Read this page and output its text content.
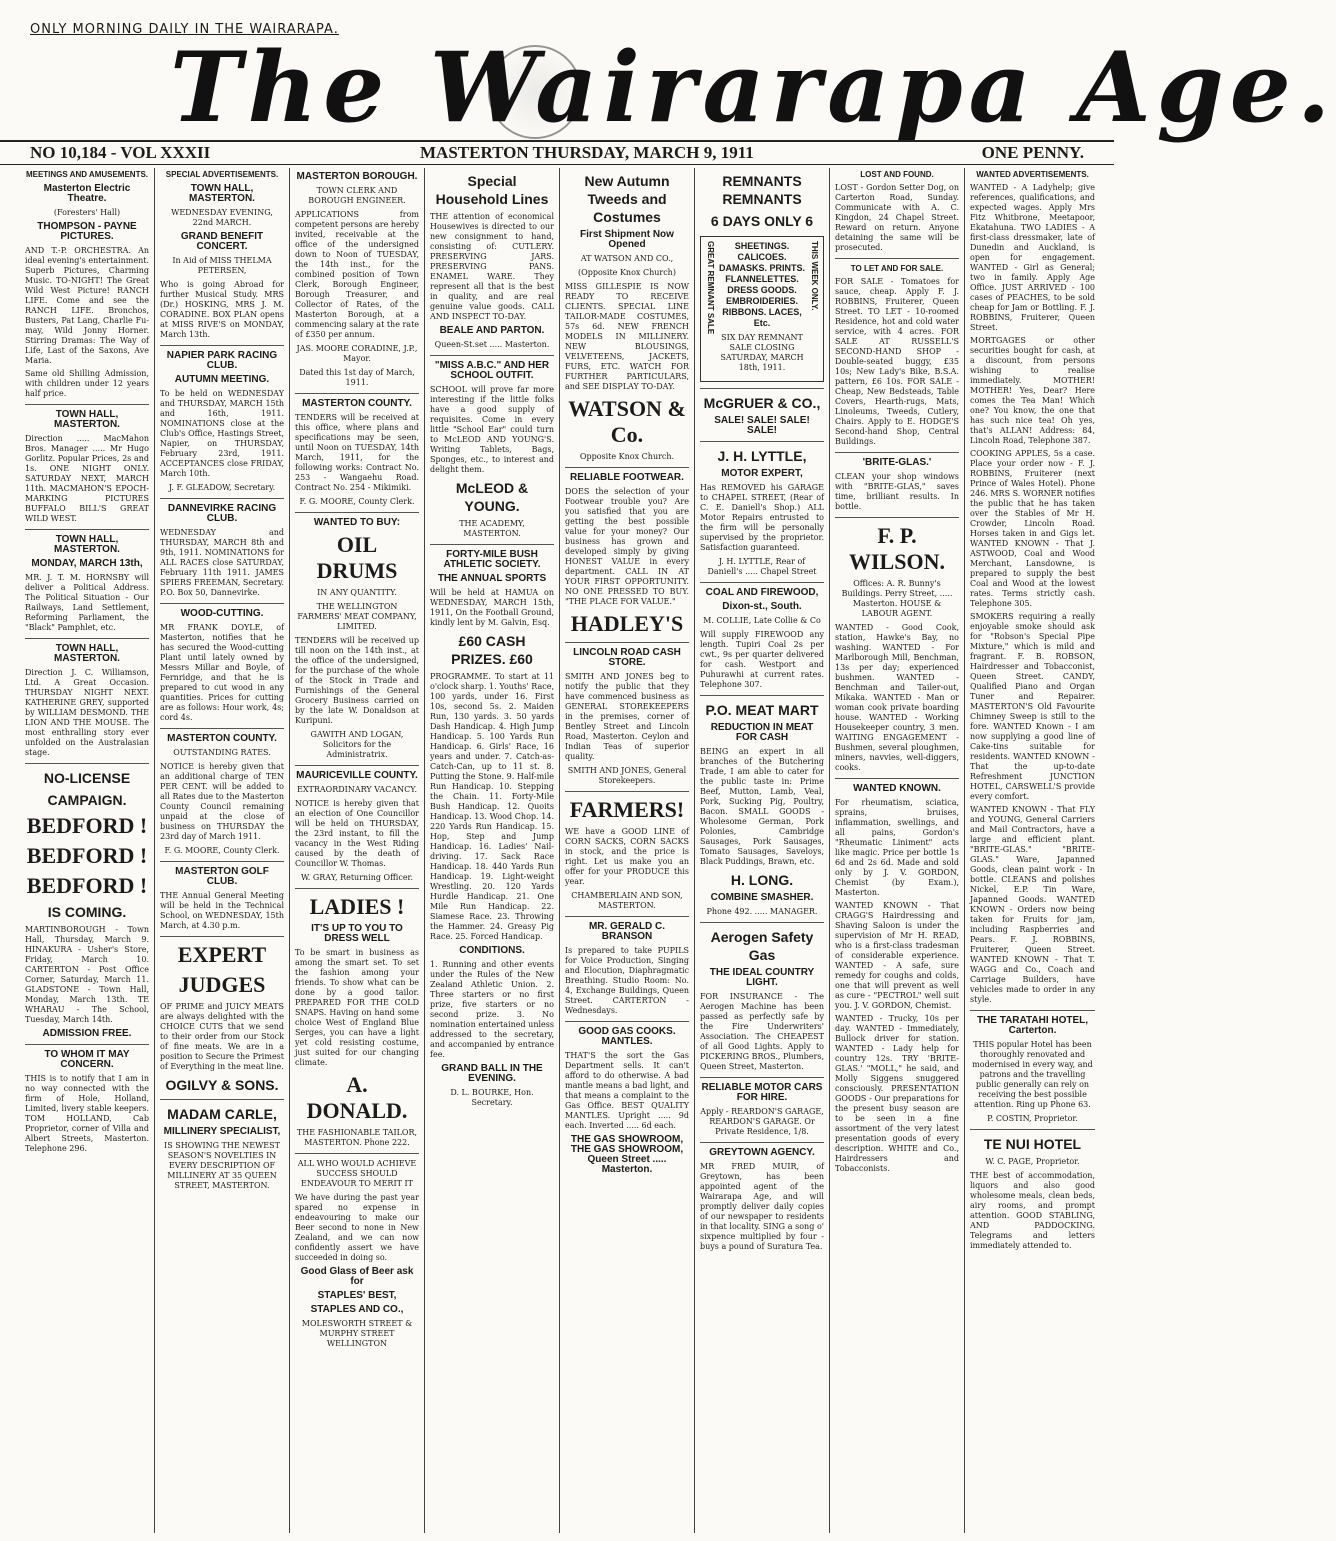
ONLY MORNING DAILY IN THE WAIRARAPA.
The Wairarapa Age.
NO 10,184 - VOL XXXII	MASTERTON THURSDAY, MARCH 9, 1911	ONE PENNY.
MEETINGS AND AMUSEMENTS.
Masterton Electric Theatre.
(Foresters' Hall)
THOMPSON - PAYNE PICTURES.
AND T.-P. ORCHESTRA. An ideal evening's entertainment. Superb Pictures, Charming Music. TO-NIGHT! The Great Wild West Picture! RANCH LIFE. Come and see the RANCH LIFE. Bronchos, Busters, Pat Lang, Charlie Fu-may, Wild Jonny Horner. Stirring Dramas: The Way of Life, Last of the Saxons, Ave Maria.
Same old Shilling Admission, with children under 12 years half price.
TOWN HALL, MASTERTON.
Direction ..... MacMahon Bros. Manager ..... Mr Hugo Gorlitz. Popular Prices, 2s and 1s. ONE NIGHT ONLY. SATURDAY NEXT, MARCH 11th. MACMAHON'S EPOCH-MARKING PICTURES BUFFALO BILL'S GREAT WILD WEST.
TOWN HALL, MASTERTON.
MONDAY, MARCH 13th,
MR. J. T. M. HORNSBY will deliver a Political Address. The Political Situation - Our Railways, Land Settlement, Reforming Parliament, the "Black" Pamphlet, etc.
TOWN HALL, MASTERTON.
Direction J. C. Williamson, Ltd. A Great Occasion. THURSDAY NIGHT NEXT. KATHERINE GREY, supported by WILLIAM DESMOND. THE LION AND THE MOUSE. The most enthralling story ever unfolded on the Australasian stage.
NO-LICENSE
CAMPAIGN.
BEDFORD !
BEDFORD !
BEDFORD !
IS COMING.
MARTINBOROUGH - Town Hall, Thursday, March 9. HINAKURA - Usher's Store, Friday, March 10. CARTERTON - Post Office Corner, Saturday, March 11. GLADSTONE - Town Hall, Monday, March 13th. TE WHARAU - The School, Tuesday, March 14th.
ADMISSION FREE.
TO WHOM IT MAY CONCERN.
THIS is to notify that I am in no way connected with the firm of Hole, Holland, Limited, livery stable keepers. TOM HOLLAND, Cab Proprietor, corner of Villa and Albert Streets, Masterton. Telephone 296.
SPECIAL ADVERTISEMENTS.
TOWN HALL, MASTERTON.
WEDNESDAY EVENING, 22nd MARCH.
GRAND BENEFIT CONCERT.
In Aid of MISS THELMA PETERSEN,
Who is going Abroad for further Musical Study. MRS (Dr.) HOSKING, MRS J. M. CORADINE. BOX PLAN opens at MISS RIVE'S on MONDAY, March 13th.
NAPIER PARK RACING CLUB.
AUTUMN MEETING.
To be held on WEDNESDAY and THURSDAY, MARCH 15th and 16th, 1911. NOMINATIONS close at the Club's Office, Hastings Street, Napier, on THURSDAY, February 23rd, 1911. ACCEPTANCES close FRIDAY, March 10th.
J. F. GLEADOW, Secretary.
DANNEVIRKE RACING CLUB.
WEDNESDAY and THURSDAY, MARCH 8th and 9th, 1911. NOMINATIONS for ALL RACES close SATURDAY, February 11th 1911. JAMES SPIERS FREEMAN, Secretary. P.O. Box 50, Dannevirke.
WOOD-CUTTING.
MR FRANK DOYLE, of Masterton, notifies that he has secured the Wood-cutting Plant until lately owned by Messrs Millar and Boyle, of Fernridge, and that he is prepared to cut wood in any quantities. Prices for cutting are as follows: Hour work, 4s; cord 4s.
MASTERTON COUNTY.
OUTSTANDING RATES.
NOTICE is hereby given that an additional charge of TEN PER CENT. will be added to all Rates due to the Masterton County Council remaining unpaid at the close of business on THURSDAY the 23rd day of March 1911.
F. G. MOORE, County Clerk.
MASTERTON GOLF CLUB.
THE Annual General Meeting will be held in the Technical School, on WEDNESDAY, 15th March, at 4.30 p.m.
EXPERT
JUDGES
OF PRIME and JUICY MEATS are always delighted with the CHOICE CUTS that we send to their order from our Stock of fine meats. We are in a position to Secure the Primest of Everything in the meat line.
OGILVY & SONS.
MADAM CARLE,
MILLINERY SPECIALIST,
IS SHOWING THE NEWEST SEASON'S NOVELTIES IN EVERY DESCRIPTION OF MILLINERY AT 35 QUEEN STREET, MASTERTON.
MASTERTON BOROUGH.
TOWN CLERK AND BOROUGH ENGINEER.
APPLICATIONS from competent persons are hereby invited, receivable at the office of the undersigned down to Noon of TUESDAY, the 14th inst., for the combined position of Town Clerk, Borough Engineer, Borough Treasurer, and Collector of Rates, of the Masterton Borough, at a commencing salary at the rate of £350 per annum.
JAS. MOORE CORADINE, J.P., Mayor.
Dated this 1st day of March, 1911.
MASTERTON COUNTY.
TENDERS will be received at this office, where plans and specifications may be seen, until Noon on TUESDAY, 14th March, 1911, for the following works: Contract No. 253 - Wangaehu Road. Contract No. 254 - Mikimiki.
F. G. MOORE, County Clerk.
WANTED TO BUY:
OIL DRUMS
IN ANY QUANTITY.
THE WELLINGTON FARMERS' MEAT COMPANY, LIMITED.
TENDERS will be received up till noon on the 14th inst., at the office of the undersigned, for the purchase of the whole of the Stock in Trade and Furnishings of the General Grocery Business carried on by the late W. Donaldson at Kuripuni.
GAWITH AND LOGAN, Solicitors for the Administratrix.
MAURICEVILLE COUNTY.
EXTRAORDINARY VACANCY.
NOTICE is hereby given that an election of One Councillor will be held on THURSDAY, the 23rd instant, to fill the vacancy in the West Riding caused by the death of Councillor W. Thomas.
W. GRAY, Returning Officer.
LADIES !
IT'S UP TO YOU TO DRESS WELL
To be smart in business as among the smart set. To set the fashion among your friends. To show what can be done by a good tailor. PREPARED FOR THE COLD SNAPS. Having on hand some choice West of England Blue Serges, you can have a light yet cold resisting costume, just suited for our changing climate.
A. DONALD.
THE FASHIONABLE TAILOR, MASTERTON. Phone 222.
ALL WHO WOULD ACHIEVE SUCCESS SHOULD ENDEAVOUR TO MERIT IT
We have during the past year spared no expense in endeavouring to make our Beer second to none in New Zealand, and we can now confidently assert we have succeeded in doing so.
Good Glass of Beer ask for
STAPLES' BEST,
STAPLES AND CO.,
MOLESWORTH STREET & MURPHY STREET WELLINGTON
Special Household Lines
THE attention of economical Housewives is directed to our new consignment to hand, consisting of: CUTLERY. PRESERVING JARS. PRESERVING PANS. ENAMEL WARE. They represent all that is the best in quality, and are real genuine value goods. CALL AND INSPECT TO-DAY.
BEALE AND PARTON.
Queen-St.set ..... Masterton.
"MISS A.B.C." AND HER SCHOOL OUTFIT.
SCHOOL will prove far more interesting if the little folks have a good supply of requisites. Come in every little "School Ear" could turn to McLEOD AND YOUNG'S. Writing Tablets, Bags, Sponges, etc., to interest and delight them.
McLEOD & YOUNG.
THE ACADEMY, MASTERTON.
FORTY-MILE BUSH ATHLETIC SOCIETY.
THE ANNUAL SPORTS
Will be held at HAMUA on WEDNESDAY, MARCH 15th, 1911, On the Football Ground, kindly lent by M. Galvin, Esq.
£60 CASH PRIZES. £60
PROGRAMME. To start at 11 o'clock sharp. 1. Youths' Race, 100 yards, under 16. First 10s, second 5s. 2. Maiden Run, 130 yards. 3. 50 yards Dash Handicap. 4. High Jump Handicap. 5. 100 Yards Run Handicap. 6. Girls' Race, 16 years and under. 7. Catch-as-Catch-Can, up to 11 st. 8. Putting the Stone. 9. Half-mile Run Handicap. 10. Stepping the Chain. 11. Forty-Mile Bush Handicap. 12. Quoits Handicap. 13. Wood Chop. 14. 220 Yards Run Handicap. 15. Hop, Step and Jump Handicap. 16. Ladies' Nail-driving. 17. Sack Race Handicap. 18. 440 Yards Run Handicap. 19. Light-weight Wrestling. 20. 120 Yards Hurdle Handicap. 21. One Mile Run Handicap. 22. Siamese Race. 23. Throwing the Hammer. 24. Greasy Pig Race. 25. Forced Handicap.
CONDITIONS.
1. Running and other events under the Rules of the New Zealand Athletic Union. 2. Three starters or no first prize, five starters or no second prize. 3. No nomination entertained unless addressed to the secretary, and accompanied by entrance fee.
GRAND BALL IN THE EVENING.
D. L. BOURKE, Hon. Secretary.
New Autumn Tweeds and Costumes
First Shipment Now Opened
AT WATSON AND CO.,
(Opposite Knox Church)
MISS GILLESPIE IS NOW READY TO RECEIVE CLIENTS. SPECIAL LINE TAILOR-MADE COSTUMES, 57s 6d. NEW FRENCH MODELS IN MILLINERY. NEW BLOUSINGS, VELVETEENS, JACKETS, FURS, ETC. WATCH FOR FURTHER PARTICULARS, and SEE DISPLAY TO-DAY.
WATSON & Co.
Opposite Knox Church.
RELIABLE FOOTWEAR.
DOES the selection of your Footwear trouble you? Are you satisfied that you are getting the best possible value for your money? Our business has grown and developed simply by giving HONEST VALUE in every department. CALL IN AT YOUR FIRST OPPORTUNITY. NO ONE PRESSED TO BUY. "THE PLACE FOR VALUE."
HADLEY'S
LINCOLN ROAD CASH STORE.
SMITH AND JONES beg to notify the public that they have commenced business as GENERAL STOREKEEPERS in the premises, corner of Bentley Street and Lincoln Road, Masterton. Ceylon and Indian Teas of superior quality.
SMITH AND JONES, General Storekeepers.
FARMERS!
WE have a GOOD LINE of CORN SACKS, CORN SACKS in stock, and the price is right. Let us make you an offer for your PRODUCE this year.
CHAMBERLAIN AND SON, MASTERTON.
MR. GERALD C. BRANSON
Is prepared to take PUPILS for Voice Production, Singing and Elocution, Diaphragmatic Breathing. Studio Room: No. 4, Exchange Buildings, Queen Street. CARTERTON - Wednesdays.
GOOD GAS COOKS. MANTLES.
THAT'S the sort the Gas Department sells. It can't afford to do otherwise. A bad mantle means a bad light, and that means a complaint to the Gas Office. BEST QUALITY MANTLES. Upright ..... 9d each. Inverted ..... 6d each.
THE GAS SHOWROOM, THE GAS SHOWROOM, Queen Street ..... Masterton.
REMNANTS REMNANTS
6 DAYS ONLY 6
GREAT REMNANT SALE	SHEETINGS. CALICOES. DAMASKS. PRINTS. FLANNELETTES. DRESS GOODS. EMBROIDERIES. RIBBONS. LACES, Etc.
SIX DAY REMNANT SALE CLOSING SATURDAY, MARCH 18th, 1911.
THIS WEEK ONLY.
McGRUER & CO.,
SALE! SALE! SALE! SALE!
J. H. LYTTLE,
MOTOR EXPERT,
Has REMOVED his GARAGE to CHAPEL STREET, (Rear of C. E. Daniell's Shop.) ALL Motor Repairs entrusted to the firm will be personally supervised by the proprietor. Satisfaction guaranteed.
J. H. LYTTLE, Rear of Daniell's ..... Chapel Street
COAL AND FIREWOOD,
Dixon-st., South.
M. COLLIE, Late Collie & Co
Will supply FIREWOOD any length. Tupiri Coal 2s per cwt., 9s per quarter delivered for cash. Westport and Puhurawhi at current rates. Telephone 307.
P.O. MEAT MART
REDUCTION IN MEAT FOR CASH
BEING an expert in all branches of the Butchering Trade, I am able to cater for the public taste in: Prime Beef, Mutton, Lamb, Veal, Pork, Sucking Pig, Poultry, Bacon. SMALL GOODS - Wholesome German, Pork Polonies, Cambridge Sausages, Pork Sausages, Tomato Sausages, Saveloys, Black Puddings, Brawn, etc.
H. LONG.
COMBINE SMASHER.
Phone 492. ..... MANAGER.
Aerogen Safety Gas
THE IDEAL COUNTRY LIGHT.
FOR INSURANCE - The Aerogen Machine has been passed as perfectly safe by the Fire Underwriters' Association. The CHEAPEST of all Good Lights. Apply to PICKERING BROS., Plumbers, Queen Street, Masterton.
RELIABLE MOTOR CARS FOR HIRE.
Apply - REARDON'S GARAGE, REARDON'S GARAGE. Or Private Residence, 1/8.
GREYTOWN AGENCY.
MR FRED MUIR, of Greytown, has been appointed agent of the Wairarapa Age, and will promptly deliver daily copies of our newspaper to residents in that locality. SING a song o' sixpence multiplied by four - buys a pound of Suratura Tea.
LOST AND FOUND.
LOST - Gordon Setter Dog, on Carterton Road, Sunday. Communicate with A. C. Kingdon, 24 Chapel Street. Reward on return. Anyone detaining the same will be prosecuted.
TO LET AND FOR SALE.
FOR SALE - Tomatoes for sauce, cheap. Apply F. J. ROBBINS, Fruiterer, Queen Street. TO LET - 10-roomed Residence, hot and cold water service, with 4 acres. FOR SALE AT RUSSELL'S SECOND-HAND SHOP - Double-seated buggy, £35 10s; New Lady's Bike, B.S.A. pattern, £6 10s. FOR SALE - Cheap, New Bedsteads, Table Covers, Hearth-rugs, Mats, Linoleums, Tweeds, Cutlery, Chairs. Apply to E. HODGE'S Second-hand Shop, Central Buildings.
'BRITE-GLAS.'
CLEAN your shop windows with "BRITE-GLAS," saves time, brilliant results. In bottle.
F. P. WILSON.
Offices: A. R. Bunny's Buildings. Perry Street, ..... Masterton. HOUSE & LABOUR AGENT.
WANTED - Good Cook, station, Hawke's Bay, no washing. WANTED - For Marlborough Mill, Benchman, 13s per day; experienced bushmen. WANTED - Benchman and Tailer-out, Mikaka. WANTED - Man or woman cook private boarding house. WANTED - Working Housekeeper country, 3 men. WAITING ENGAGEMENT - Bushmen, several ploughmen, miners, navvies, well-diggers, cooks.
WANTED KNOWN.
For rheumatism, sciatica, sprains, bruises, inflammation, swellings, and all pains, Gordon's "Rheumatic Liniment" acts like magic. Price per bottle 1s 6d and 2s 6d. Made and sold only by J. V. GORDON, Chemist (by Exam.), Masterton.
WANTED KNOWN - That CRAGG'S Hairdressing and Shaving Saloon is under the supervision of Mr H. READ, who is a first-class tradesman of considerable experience. WANTED - A safe, sure remedy for coughs and colds, one that will prevent as well as cure - "PECTROL" well suit you. J. V. GORDON, Chemist.
WANTED - Trucky, 10s per day. WANTED - Immediately, Bullock driver for station. WANTED - Lady help for country 12s. TRY 'BRITE-GLAS.' "MOLL," he said, and Molly Siggens snuggered consciously. PRESENTATION GOODS - Our preparations for the present busy season are to be seen in a fine assortment of the very latest presentation goods of every description. WHITE and Co., Hairdressers and Tobacconists.
WANTED ADVERTISEMENTS.
WANTED - A Ladyhelp; give references, qualifications, and expected wages. Apply Mrs Fitz Whitbrone, Meetapoor, Ekatahuna. TWO LADIES - A first-class dressmaker, late of Dunedin and Auckland, is open for engagement. WANTED - Girl as General; two in family. Apply Age Office. JUST ARRIVED - 100 cases of PEACHES, to be sold cheap for Jam or Bottling. F. J. ROBBINS, Fruiterer, Queen Street.
MORTGAGES or other securities bought for cash, at a discount, from persons wishing to realise immediately. MOTHER! MOTHER! Yes, Dear? Here comes the Tea Man! Which one? You know, the one that has such nice tea! Oh yes, that's ALLAN! Address: 84, Lincoln Road, Telephone 387.
COOKING APPLES, 5s a case. Place your order now - F. J. ROBBINS, Fruiterer (next Prince of Wales Hotel). Phone 246. MRS S. WORNER notifies the public that he has taken over the Stables of Mr H. Crowder, Lincoln Road. Horses taken in and Gigs let. WANTED KNOWN - That J. ASTWOOD, Coal and Wood Merchant, Lansdowne, is prepared to supply the best Coal and Wood at the lowest rates. Terms strictly cash. Telephone 305.
SMOKERS requiring a really enjoyable smoke should ask for "Robson's Special Pipe Mixture," which is mild and fragrant. F. B. ROBSON, Hairdresser and Tobacconist, Queen Street. CANDY, Qualified Piano and Organ Tuner and Repairer. MASTERTON'S Old Favourite Chimney Sweep is still to the fore. WANTED Known - I am now supplying a good line of Cake-tins suitable for residents. WANTED KNOWN - That the up-to-date Refreshment JUNCTION HOTEL, CARSWELL'S provide every comfort.
WANTED KNOWN - That FLY and YOUNG, General Carriers and Mail Contractors, have a large and efficient plant. "BRITE-GLAS." "BRITE-GLAS." Ware, Japanned Goods, clean paint work - In bottle. CLEANS and polishes Nickel, E.P. Tin Ware, Japanned Goods. WANTED KNOWN - Orders now being taken for Fruits for jam, including Raspberries and Pears. F. J. ROBBINS, Fruiterer, Queen Street. WANTED KNOWN - That T. WAGG and Co., Coach and Carriage Builders, have vehicles made to order in any style.
THE TARATAHI HOTEL, Carterton.
THIS popular Hotel has been thoroughly renovated and modernised in every way, and patrons and the travelling public generally can rely on receiving the best possible attention. Ring up Phone 63.
P. COSTIN, Proprietor.
TE NUI HOTEL
W. C. PAGE, Proprietor.
THE best of accommodation, liquors and also good wholesome meals, clean beds, airy rooms, and prompt attention. GOOD STABLING, AND PADDOCKING. Telegrams and letters immediately attended to.
